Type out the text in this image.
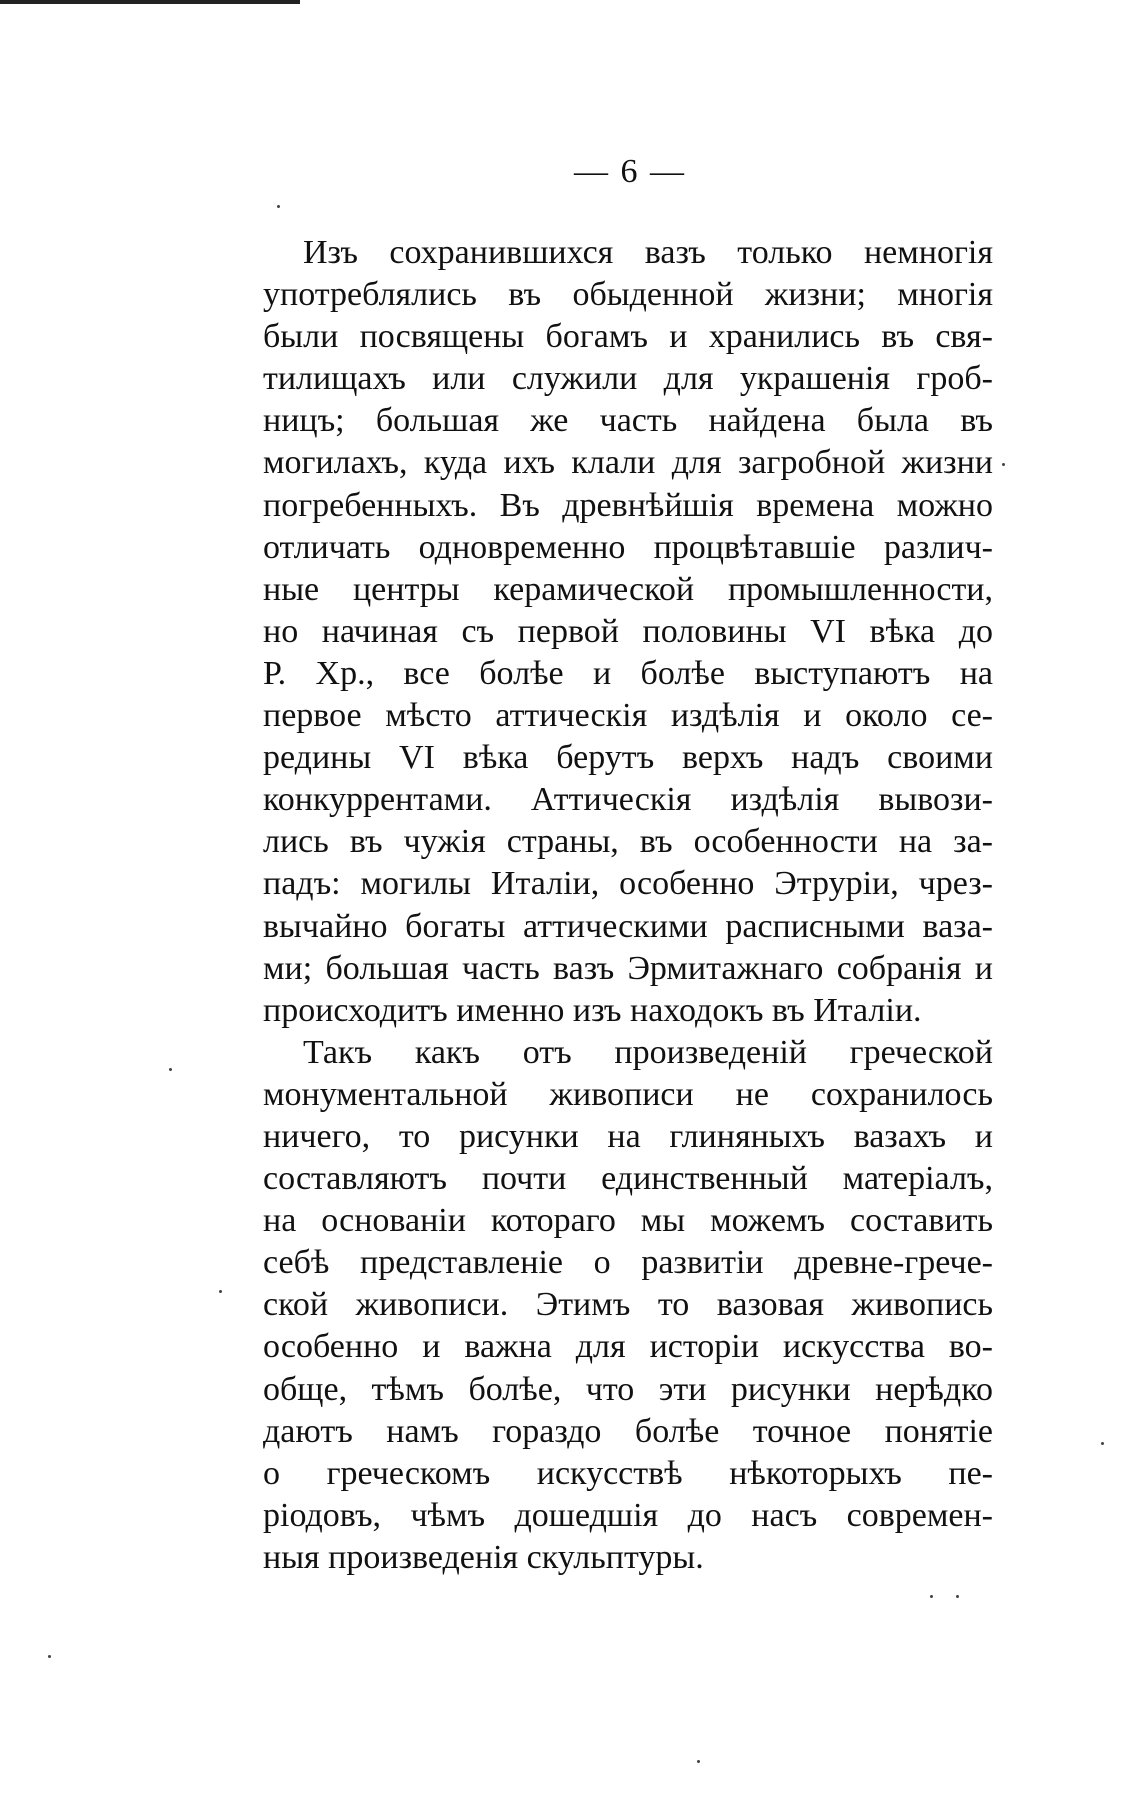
— 6 —

Изъ сохранившихся вазъ только немногія
употреблялись въ обыденной жизни; многія
были посвящены богамъ и хранились въ свя-
тилищахъ или служили для украшенія гроб-
ницъ; большая же часть найдена была въ
могилахъ, куда ихъ клали для загробной жизни
погребенныхъ. Въ древнѣйшія времена можно
отличать одновременно процвѣтавшіе различ-
ные центры керамической промышленности,
но начиная съ первой половины VI вѣка до
Р. Хр., все болѣе и болѣе выступаютъ на
первое мѣсто аттическія издѣлія и около се-
редины VI вѣка берутъ верхъ надъ своими
конкуррентами. Аттическія издѣлія вывози-
лись въ чужія страны, въ особенности на за-
падъ: могилы Италіи, особенно Этруріи, чрез-
вычайно богаты аттическими расписными ваза-
ми; большая часть вазъ Эрмитажнаго собранія и
происходитъ именно изъ находокъ въ Италіи.

Такъ какъ отъ произведеній греческой
монументальной живописи не сохранилось
ничего, то рисунки на глиняныхъ вазахъ и
составляютъ почти единственный матеріалъ,
на основаніи котораго мы можемъ составить
себѣ представленіе о развитіи древне-грече-
ской живописи. Этимъ то вазовая живопись
особенно и важна для исторіи искусства во-
обще, тѣмъ болѣе, что эти рисунки нерѣдко
даютъ намъ гораздо болѣе точное понятіе
о греческомъ искусствѣ нѣкоторыхъ пе-
ріодовъ, чѣмъ дошедшія до насъ современ-
ныя произведенія скульптуры.
